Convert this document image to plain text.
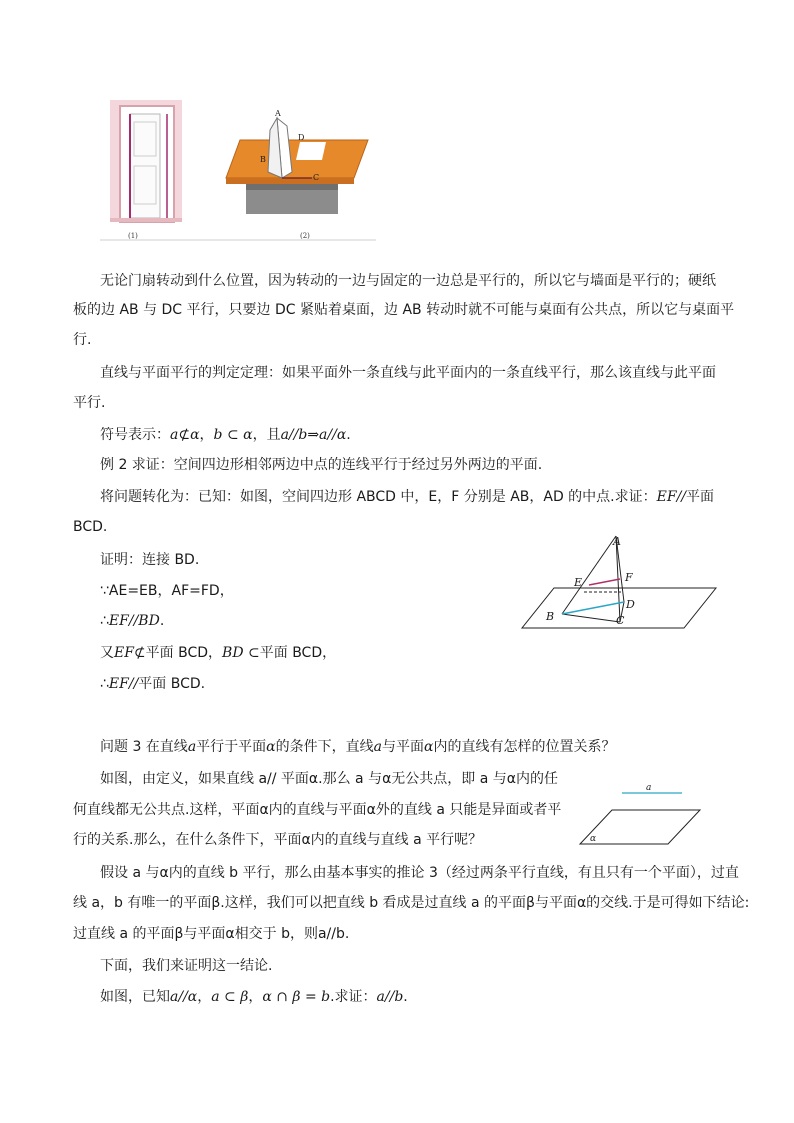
A
B
D
C
(1)	(2)
无论门扇转动到什么位置，因为转动的一边与固定的一边总是平行的，所以它与墙面是平行的；硬纸
板的边 AB 与 DC 平行，只要边 DC 紧贴着桌面，边 AB 转动时就不可能与桌面有公共点，所以它与桌面平
行.
直线与平面平行的判定定理：如果平面外一条直线与此平面内的一条直线平行，那么该直线与此平面
平行.
符号表示：a⊄α，b ⊂ α，且a//b⇒a//α.
例 2 求证：空间四边形相邻两边中点的连线平行于经过另外两边的平面.
将问题转化为：已知：如图，空间四边形 ABCD 中，E，F 分别是 AB，AD 的中点.求证：EF//平面
BCD.
证明：连接 BD.
∵AE=EB，AF=FD，
∴EF//BD.
又EF⊄平面 BCD，BD ⊂平面 BCD，
∴EF//平面 BCD.
A
E	F
D
B	C
问题 3 在直线a平行于平面α的条件下，直线a与平面α内的直线有怎样的位置关系？
如图，由定义，如果直线 a// 平面α.那么 a 与α无公共点，即 a 与α内的任
何直线都无公共点.这样，平面α内的直线与平面α外的直线 a 只能是异面或者平
行的关系.那么，在什么条件下，平面α内的直线与直线 a 平行呢？
a
α
假设 a 与α内的直线 b 平行，那么由基本事实的推论 3（经过两条平行直线，有且只有一个平面），过直
线 a，b 有唯一的平面β.这样，我们可以把直线 b 看成是过直线 a 的平面β与平面α的交线.于是可得如下结论:
过直线 a 的平面β与平面α相交于 b，则a//b.
下面，我们来证明这一结论.
如图，已知a//α，a ⊂ β，α ∩ β = b.求证：a//b.
